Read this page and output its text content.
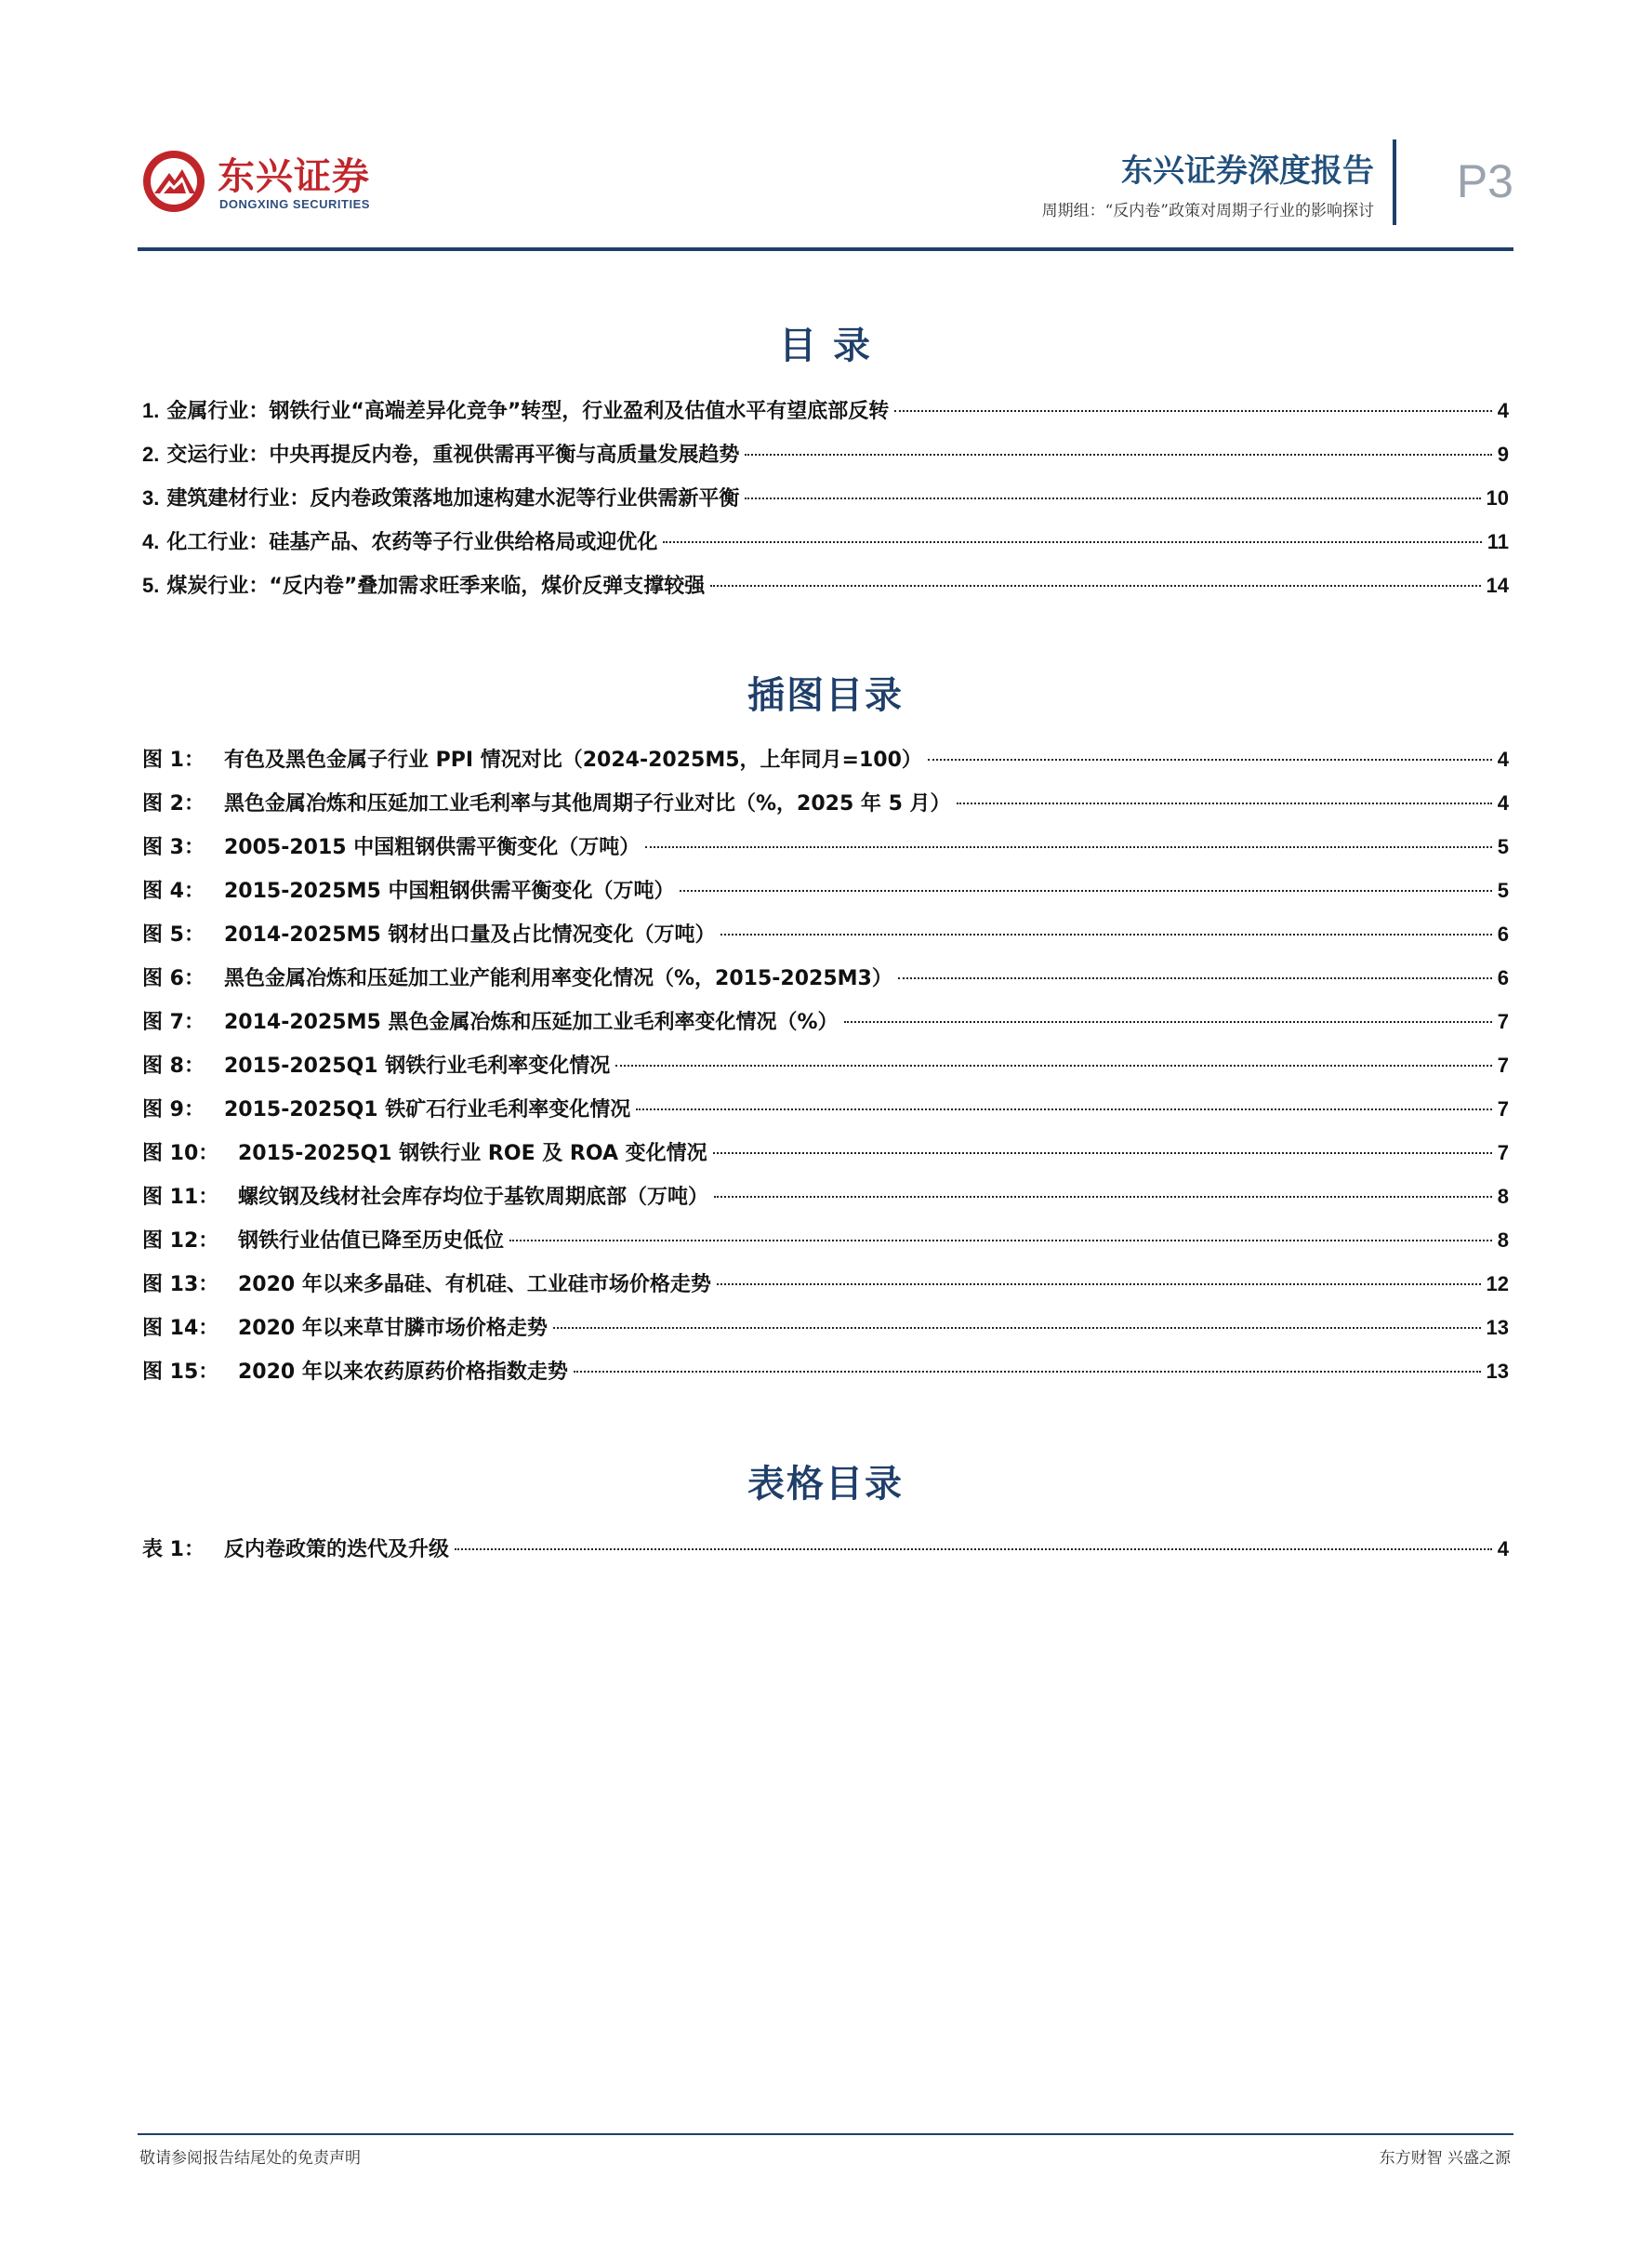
东兴证券
DONGXING SECURITIES
东兴证券深度报告
周期组：“反内卷”政策对周期子行业的影响探讨
P3
目 录
1. 金属行业：钢铁行业“高端差异化竞争”转型，行业盈利及估值水平有望底部反转	4
2. 交运行业：中央再提反内卷，重视供需再平衡与高质量发展趋势	9
3. 建筑建材行业：反内卷政策落地加速构建水泥等行业供需新平衡	10
4. 化工行业：硅基产品、农药等子行业供给格局或迎优化	11
5. 煤炭行业：“反内卷”叠加需求旺季来临，煤价反弹支撑较强	14
插图目录
图 1： 有色及黑色金属子行业 PPI 情况对比（2024-2025M5，上年同月=100）	4
图 2： 黑色金属冶炼和压延加工业毛利率与其他周期子行业对比（%，2025 年 5 月）	4
图 3： 2005-2015 中国粗钢供需平衡变化（万吨）	5
图 4： 2015-2025M5 中国粗钢供需平衡变化（万吨）	5
图 5： 2014-2025M5 钢材出口量及占比情况变化（万吨）	6
图 6： 黑色金属冶炼和压延加工业产能利用率变化情况（%，2015-2025M3）	6
图 7： 2014-2025M5 黑色金属冶炼和压延加工业毛利率变化情况（%）	7
图 8： 2015-2025Q1 钢铁行业毛利率变化情况	7
图 9： 2015-2025Q1 铁矿石行业毛利率变化情况	7
图 10： 2015-2025Q1 钢铁行业 ROE 及 ROA 变化情况	7
图 11： 螺纹钢及线材社会库存均位于基钦周期底部（万吨）	8
图 12： 钢铁行业估值已降至历史低位	8
图 13： 2020 年以来多晶硅、有机硅、工业硅市场价格走势	12
图 14： 2020 年以来草甘膦市场价格走势	13
图 15： 2020 年以来农药原药价格指数走势	13
表格目录
表 1： 反内卷政策的迭代及升级	4
敬请参阅报告结尾处的免责声明	东方财智 兴盛之源
